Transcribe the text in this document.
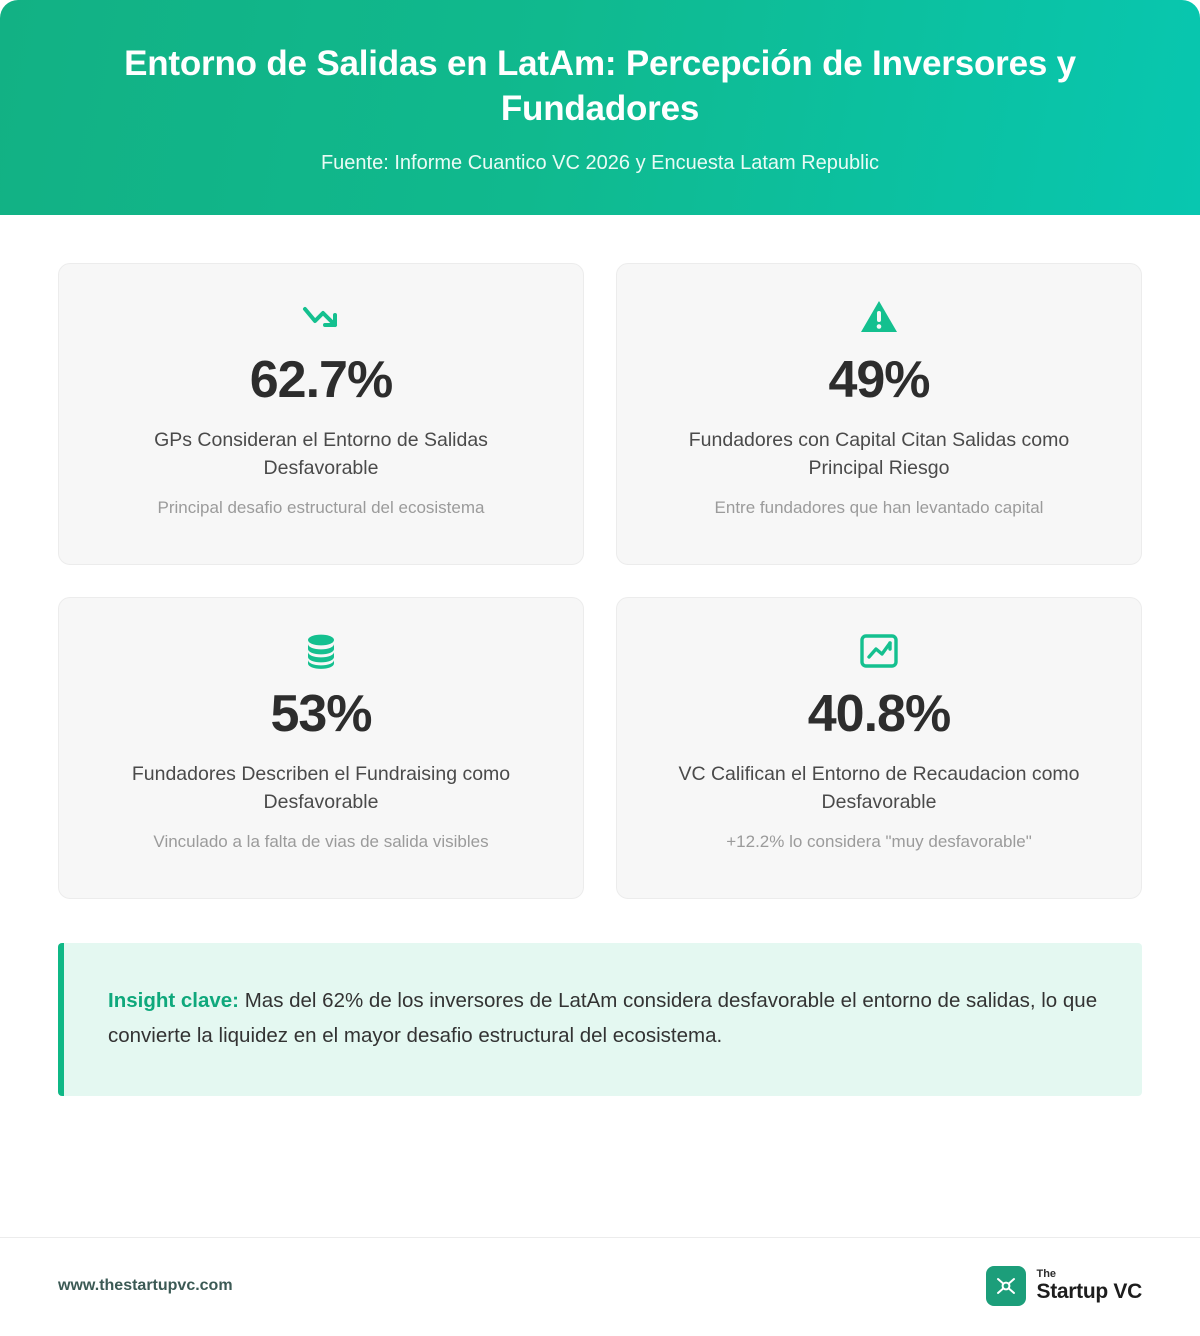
Entorno de Salidas en LatAm: Percepción de Inversores y Fundadores
Fuente: Informe Cuantico VC 2026 y Encuesta Latam Republic
62.7%
GPs Consideran el Entorno de Salidas Desfavorable
Principal desafio estructural del ecosistema
49%
Fundadores con Capital Citan Salidas como Principal Riesgo
Entre fundadores que han levantado capital
53%
Fundadores Describen el Fundraising como Desfavorable
Vinculado a la falta de vias de salida visibles
40.8%
VC Califican el Entorno de Recaudacion como Desfavorable
+12.2% lo considera "muy desfavorable"

Insight clave: Mas del 62% de los inversores de LatAm considera desfavorable el entorno de salidas, lo que convierte la liquidez en el mayor desafio estructural del ecosistema.

www.thestartupvc.com
The
Startup VC
